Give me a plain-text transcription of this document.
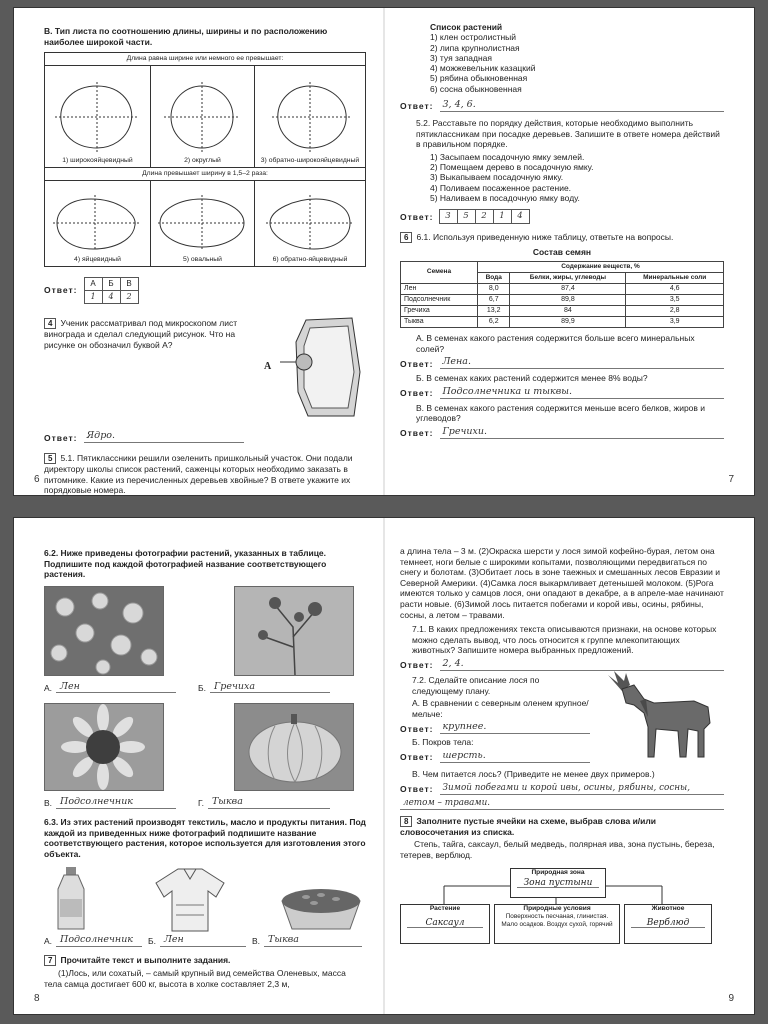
В. Тип листа по соотношению длины, ширины и по расположению наиболее широкой части.

Длина равна ширине или немного ее превышает:		

1) широкояйцевидный	2) округлый	3) обратно-широкояйцевидный

Длина превышает ширину в 1,5–2 раза:		

4) яйцевидный	5) овальный	6) обратно-яйцевидный
Ответ:
А	Б	В
1	4	2

4 Ученик рассматривал под микроскопом лист винограда и сделал следующий рисунок. Что на рисунке он обозначил буквой А?

А
Ответ: Ядро.

5 5.1. Пятиклассники решили озеленить пришкольный участок. Они подали директору школы список растений, саженцы которых необходимо заказать в питомнике. Какие из перечисленных деревьев хвойные? В ответе укажите их порядковые номера.

6

Список растений

1) клен остролистный

2) липа крупнолистная

3) туя западная

4) можжевельник казацкий

5) рябина обыкновенная

6) сосна обыкновенная

Ответ: 3, 4, 6.

5.2. Расставьте по порядку действия, которые необходимо выполнить пятиклассникам при посадке деревьев. Запишите в ответе номера действий в правильном порядке.

1) Засыпаем посадочную ямку землей.

2) Помещаем дерево в посадочную ямку.

3) Выкапываем посадочную ямку.

4) Поливаем посаженное растение.

5) Наливаем в посадочную ямку воду.

Ответ:	3	5	2	1	4

6 6.1. Используя приведенную ниже таблицу, ответьте на вопросы.

Состав семян

Семена	Содержание веществ, %		
	Вода	Белки, жиры, углеводы	Минеральные соли
Лен	8,0	87,4	4,6
Подсолнечник	6,7	89,8	3,5
Гречиха	13,2	84	2,8
Тыква	6,2	89,9	3,9

А. В семенах какого растения содержится больше всего минеральных солей?

Ответ: Лена.

Б. В семенах каких растений содержится менее 8% воды?

Ответ: Подсолнечника и тыквы.

В. В семенах какого растения содержится меньше всего белков, жиров и углеводов?

Ответ: Гречихи.
7

6.2. Ниже приведены фотографии растений, указанных в таблице. Подпишите под каждой фотографией название соответствующего растения.

А. Лен	Б. Гречиха
В. Подсолнечник	Г. Тыква

6.3. Из этих растений производят текстиль, масло и продукты питания. Под каждой из приведенных ниже фотографий подпишите название соответствующего растения, которое используется для изготовления этого объекта.

А. Подсолнечник	Б. Лен	В. Тыква

7 Прочитайте текст и выполните задания.

(1)Лось, или сохатый, – самый крупный вид семейства Оленевых, масса тела самца достигает 600 кг, высота в холке составляет 2,3 м,

8

а длина тела – 3 м. (2)Окраска шерсти у лося зимой кофейно-бурая, летом она темнеет, ноги белые с широкими копытами, позволяющими передвигаться по снегу и болотам. (3)Обитает лось в зоне таежных и смешанных лесов Евразии и Северной Америки. (4)Самка лося выкармливает детенышей молоком. (5)Рога имеются только у самцов лося, они опадают в декабре, а в апреле-мае начинают расти новые. (6)Зимой лось питается побегами и корой ивы, осины, рябины, сосны, а летом – травами.

7.1. В каких предложениях текста описываются признаки, на основе которых можно сделать вывод, что лось относится к группе млекопитающих животных? Запишите номера выбранных предложений.

Ответ: 2, 4.

7.2. Сделайте описание лося по следующему плану.

А. В сравнении с северным оленем крупное/мельче:

Ответ: крупнее.

Б. Покров тела:

Ответ: шерсть.

В. Чем питается лось? (Приведите не менее двух примеров.)

Ответ:	Зимой побегами и корой ивы, осины, рябины, сосны,
летом – травами.

8 Заполните пустые ячейки на схеме, выбрав слова и/или словосочетания из списка.

Степь, тайга, саксаул, белый медведь, полярная ива, зона пустынь, береза, тетерев, верблюд.

Природная зона
Зона пустыни
Растение
Саксаул
Природные условия
Поверхность песчаная, глинистая. Мало осадков. Воздух сухой, горячий
Животное
Верблюд
9
